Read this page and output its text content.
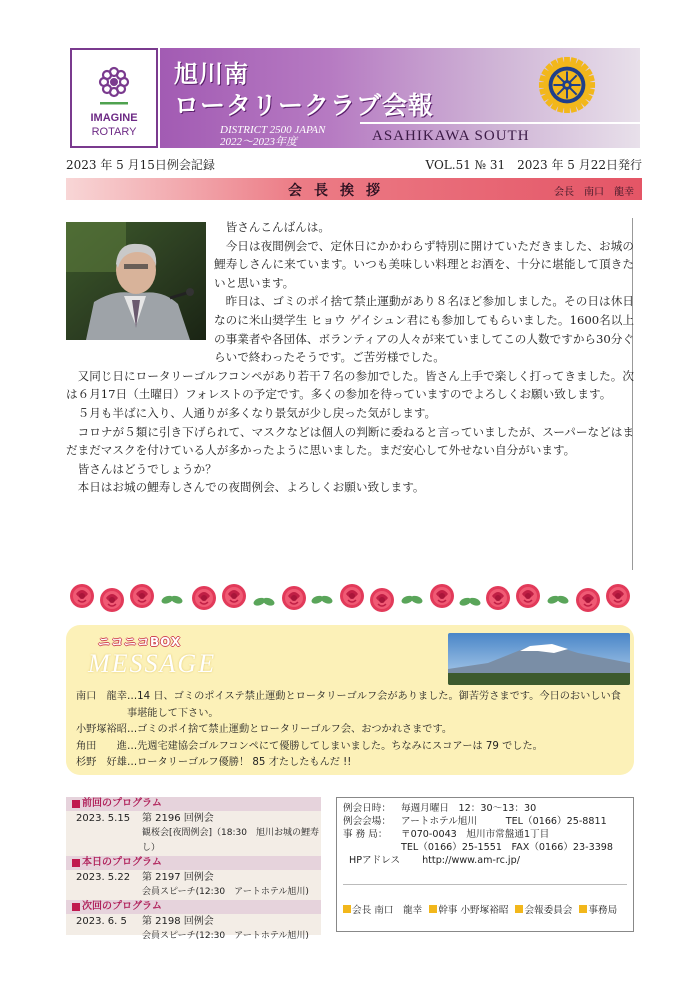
IMAGINE
ROTARY
旭川南
ロータリークラブ会報
DISTRICT 2500 JAPAN
2022〜2023年度	ASAHIKAWA SOUTH
2023 年 5 月15日例会記録	VOL.51 № 31　2023 年 5 月22日発行
会長挨拶	会長　南口　龍幸

皆さんこんばんは。

今日は夜間例会で、定休日にかかわらず特別に開けていただきました、お城の鯉寿しさんに来ています。いつも美味しい料理とお酒を、十分に堪能して頂きたいと思います。

昨日は、ゴミのポイ捨て禁止運動があり８名ほど参加しました。その日は休日なのに米山奨学生 ヒョウ ゲイシュン君にも参加してもらいました。1600名以上の事業者や各団体、ボランティアの人々が来ていましてこの人数ですから30分ぐらいで終わったそうです。ご苦労様でした。

又同じ日にロータリーゴルフコンペがあり若干７名の参加でした。皆さん上手で楽しく打ってきました。次は６月17日（土曜日）フォレストの予定です。多くの参加を待っていますのでよろしくお願い致します。

５月も半ばに入り、人通りが多くなり景気が少し戻った気がします。

コロナが５類に引き下げられて、マスクなどは個人の判断に委ねると言っていましたが、スーパーなどはまだまだマスクを付けている人が多かったように思いました。まだ安心して外せない自分がいます。

皆さんはどうでしょうか？

本日はお城の鯉寿しさんでの夜間例会、よろしくお願い致します。

MESSAGE
ニコニコBOX
南口　龍幸 …14 日、ゴミのポイステ禁止運動とロータリーゴルフ会がありました。御苦労さまです。今日のおいしい食事堪能して下さい。
小野塚裕昭 …ゴミのポイ捨て禁止運動とロータリーゴルフ会、おつかれさまです。
角田　　進 …先週宅建協会ゴルフコンペにて優勝してしまいました。ちなみにスコアーは 79 でした。
杉野　好雄 …ロータリーゴルフ優勝！ 85 才たしたもんだ !!
前回のプログラム
2023. 5.15 第 2196 回例会
観桜会[夜間例会]（18:30　旭川お城の鯉寿し）
本日のプログラム
2023. 5.22 第 2197 回例会
会員スピーチ(12:30　アートホテル旭川)
次回のプログラム
2023. 6. 5 第 2198 回例会
会員スピーチ(12:30　アートホテル旭川)
例会日時：	毎週月曜日　12：30〜13：30
例会会場：	アートホテル旭川　　　TEL（0166）25-8811
事 務 局：	〒070-0043　旭川市常盤通1丁目
TEL（0166）25-1551　FAX（0166）23-3398
HPアドレス http://www.am-rc.jp/
会長 南口　龍幸	幹事 小野塚裕昭	会報委員会	事務局
